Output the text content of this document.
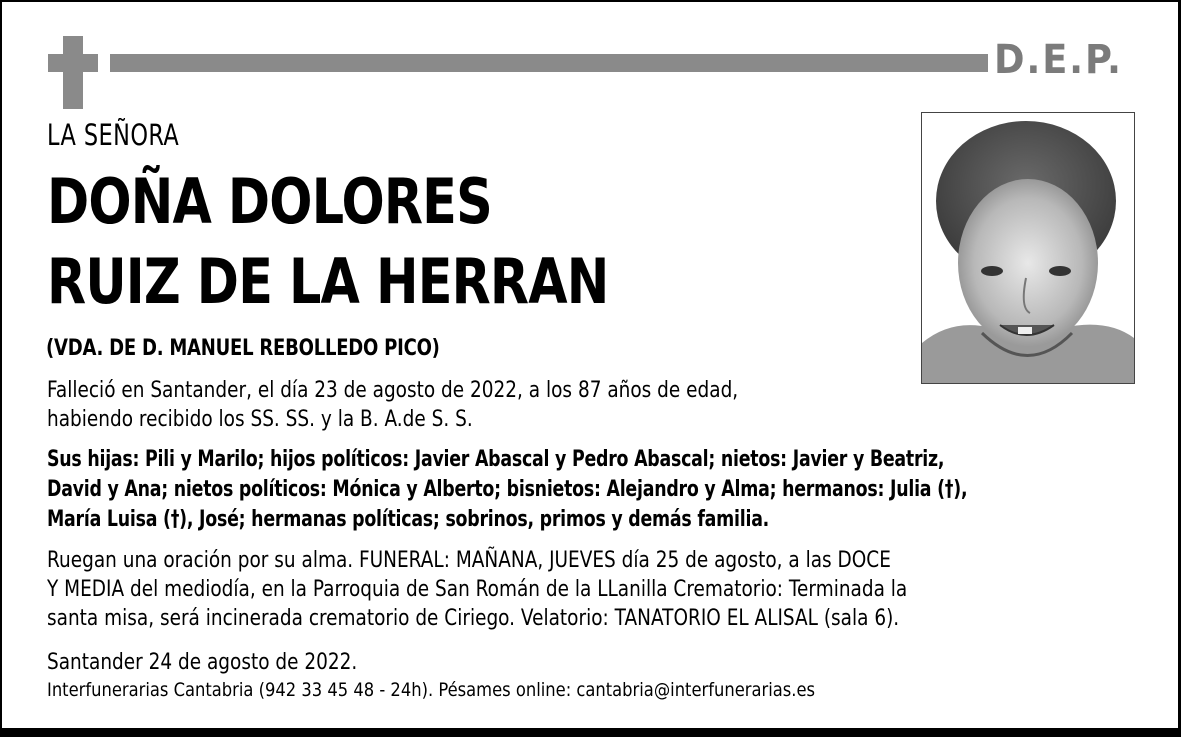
D.E.P.
LA SEÑORA
DOÑA DOLORES
RUIZ DE LA HERRAN
(VDA. DE D. MANUEL REBOLLEDO PICO)
Falleció en Santander, el día 23 de agosto de 2022, a los 87 años de edad,
habiendo recibido los SS. SS. y la B. A.de S. S.
Sus hijas: Pili y Marilo; hijos políticos: Javier Abascal y Pedro Abascal; nietos: Javier y Beatriz,
David y Ana; nietos políticos: Mónica y Alberto; bisnietos: Alejandro y Alma; hermanos: Julia (†),
María Luisa (†), José; hermanas políticas; sobrinos, primos y demás familia.
Ruegan una oración por su alma. FUNERAL: MAÑANA, JUEVES día 25 de agosto, a las DOCE
Y MEDIA del mediodía, en la Parroquia de San Román de la LLanilla Crematorio: Terminada la
santa misa, será incinerada crematorio de Ciriego. Velatorio: TANATORIO EL ALISAL (sala 6).
Santander 24 de agosto de 2022.
Interfunerarias Cantabria (942 33 45 48 - 24h). Pésames online: cantabria@interfunerarias.es
